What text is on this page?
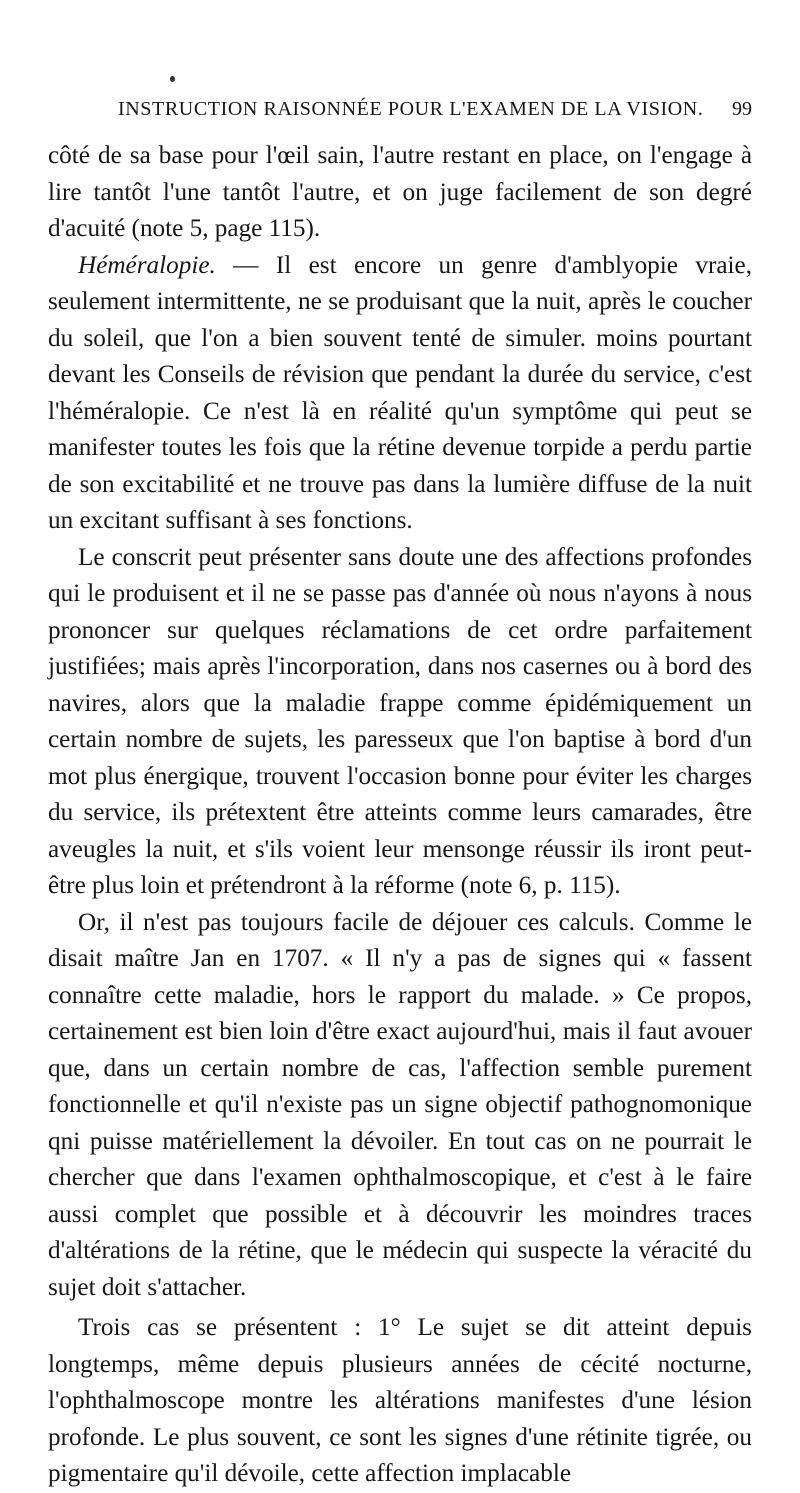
INSTRUCTION RAISONNÉE POUR L'EXAMEN DE LA VISION. 99

côté de sa base pour l'œil sain, l'autre restant en place, on l'engage à lire tantôt l'une tantôt l'autre, et on juge facilement de son degré d'acuité (note 5, page 115).

Héméralopie. — Il est encore un genre d'amblyopie vraie, seulement intermittente, ne se produisant que la nuit, après le coucher du soleil, que l'on a bien souvent tenté de simuler. moins pourtant devant les Conseils de révision que pendant la durée du service, c'est l'héméralopie. Ce n'est là en réalité qu'un symptôme qui peut se manifester toutes les fois que la rétine devenue torpide a perdu partie de son excitabilité et ne trouve pas dans la lumière diffuse de la nuit un excitant suffisant à ses fonctions.

Le conscrit peut présenter sans doute une des affections profondes qui le produisent et il ne se passe pas d'année où nous n'ayons à nous prononcer sur quelques réclamations de cet ordre parfaitement justifiées; mais après l'incorporation, dans nos casernes ou à bord des navires, alors que la maladie frappe comme épidémiquement un certain nombre de sujets, les paresseux que l'on baptise à bord d'un mot plus énergique, trouvent l'occasion bonne pour éviter les charges du service, ils prétextent être atteints comme leurs camarades, être aveugles la nuit, et s'ils voient leur mensonge réussir ils iront peut-être plus loin et prétendront à la réforme (note 6, p. 115).

Or, il n'est pas toujours facile de déjouer ces calculs. Comme le disait maître Jan en 1707. « Il n'y a pas de signes qui « fassent connaître cette maladie, hors le rapport du malade. » Ce propos, certainement est bien loin d'être exact aujourd'hui, mais il faut avouer que, dans un certain nombre de cas, l'affection semble purement fonctionnelle et qu'il n'existe pas un signe objectif pathognomonique qni puisse matériellement la dévoiler. En tout cas on ne pourrait le chercher que dans l'examen ophthalmoscopique, et c'est à le faire aussi complet que possible et à découvrir les moindres traces d'altérations de la rétine, que le médecin qui suspecte la véracité du sujet doit s'attacher.

Trois cas se présentent : 1° Le sujet se dit atteint depuis longtemps, même depuis plusieurs années de cécité nocturne, l'ophthalmoscope montre les altérations manifestes d'une lésion profonde. Le plus souvent, ce sont les signes d'une rétinite tigrée, ou pigmentaire qu'il dévoile, cette affection implacable
